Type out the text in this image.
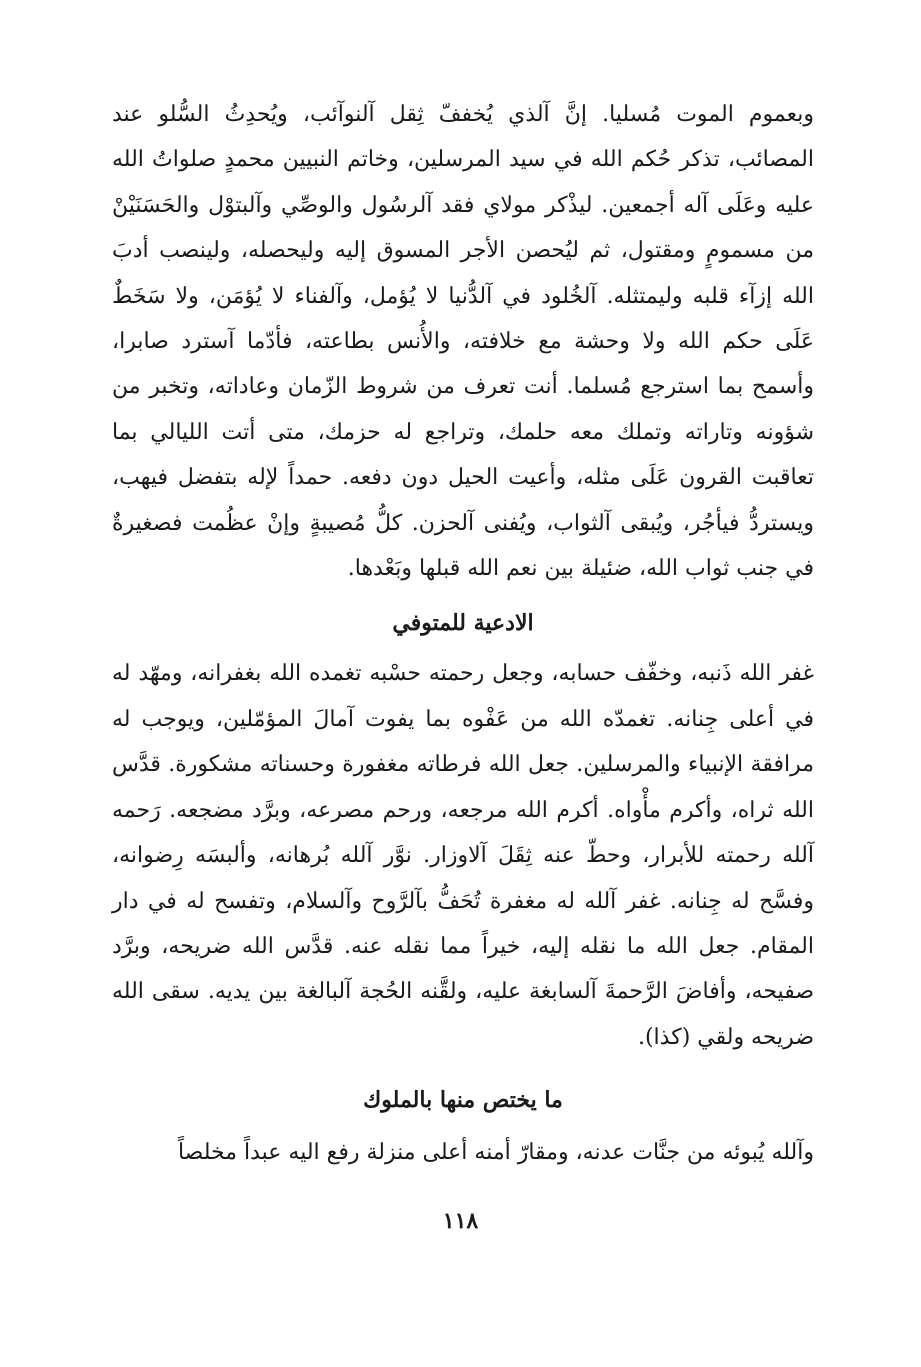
وبعموم الموت مُسليا. إنَّ آلذي يُخففّ ثِقل آلنوآئب، ويُحدِثُ السُّلو عند المصائب، تذكر حُكم الله في سيد المرسلين، وخاتم النبيين محمدٍ صلواتُ الله عليه وعَلَى آله أجمعين. ليذْكر مولاي فقد آلرسُول والوصِّي وآلبتوْل والحَسَنَيْنْ من مسمومٍ ومقتول، ثم ليُحصن الأجر المسوق إليه وليحصله، ولينصب أدبَ الله إزآء قلبه وليمتثله. آلخُلود في آلدُّنيا لا يُؤمل، وآلفناء لا يُؤمَن، ولا سَخَطٌ عَلَى حكم الله ولا وحشة مع خلافته، والأُنس بطاعته، فأدّما آسترد صابرا، وأسمح بما استرجع مُسلما. أنت تعرف من شروط الزّمان وعاداته، وتخبر من شؤونه وتاراته وتملك معه حلمك، وتراجع له حزمك، متى أتت الليالي بما تعاقبت القرون عَلَى مثله، وأعيت الحيل دون دفعه. حمداً لإله بتفضل فيهب، ويستردُّ فيأجُر، ويُبقى آلثواب، ويُفنى آلحزن. كلُّ مُصيبةٍ وإنْ عظُمت فصغيرةٌ في جنب ثواب الله، ضئيلة بين نعم الله قبلها وبَعْدها.

الادعية للمتوفي

غفر الله ذَنبه، وخفّف حسابه، وجعل رحمته حسْبه تغمده الله بغفرانه، ومهّد له في أعلى جِنانه. تغمدّه الله من عَفْوه بما يفوت آمالَ المؤمّلين، ويوجب له مرافقة الإنبياء والمرسلين. جعل الله فرطاته مغفورة وحسناته مشكورة. قدَّس الله ثراه، وأكرم مأْواه. أكرم الله مرجعه، ورحم مصرعه، وبرَّد مضجعه. رَحمه آلله رحمته للأبرار، وحطّ عنه ثِقَلَ آلاوزار. نوَّر آلله بُرهانه، وألبسَه رِضوانه، وفسَّح له جِنانه. غفر آلله له مغفرة تُحَفُّ بآلرَّوح وآلسلام، وتفسح له في دار المقام. جعل الله ما نقله إليه، خيراً مما نقله عنه. قدَّس الله ضريحه، وبرَّد صفيحه، وأفاضَ الرَّحمةَ آلسابغة عليه، ولقَّنه الحُجة آلبالغة بين يديه. سقى الله ضريحه ولقي (كذا).

ما يختص منها بالملوك

وآلله يُبوئه من جنَّات عدنه، ومقارّ أمنه أعلى منزلة رفع اليه عبداً مخلصاً

١١٨
